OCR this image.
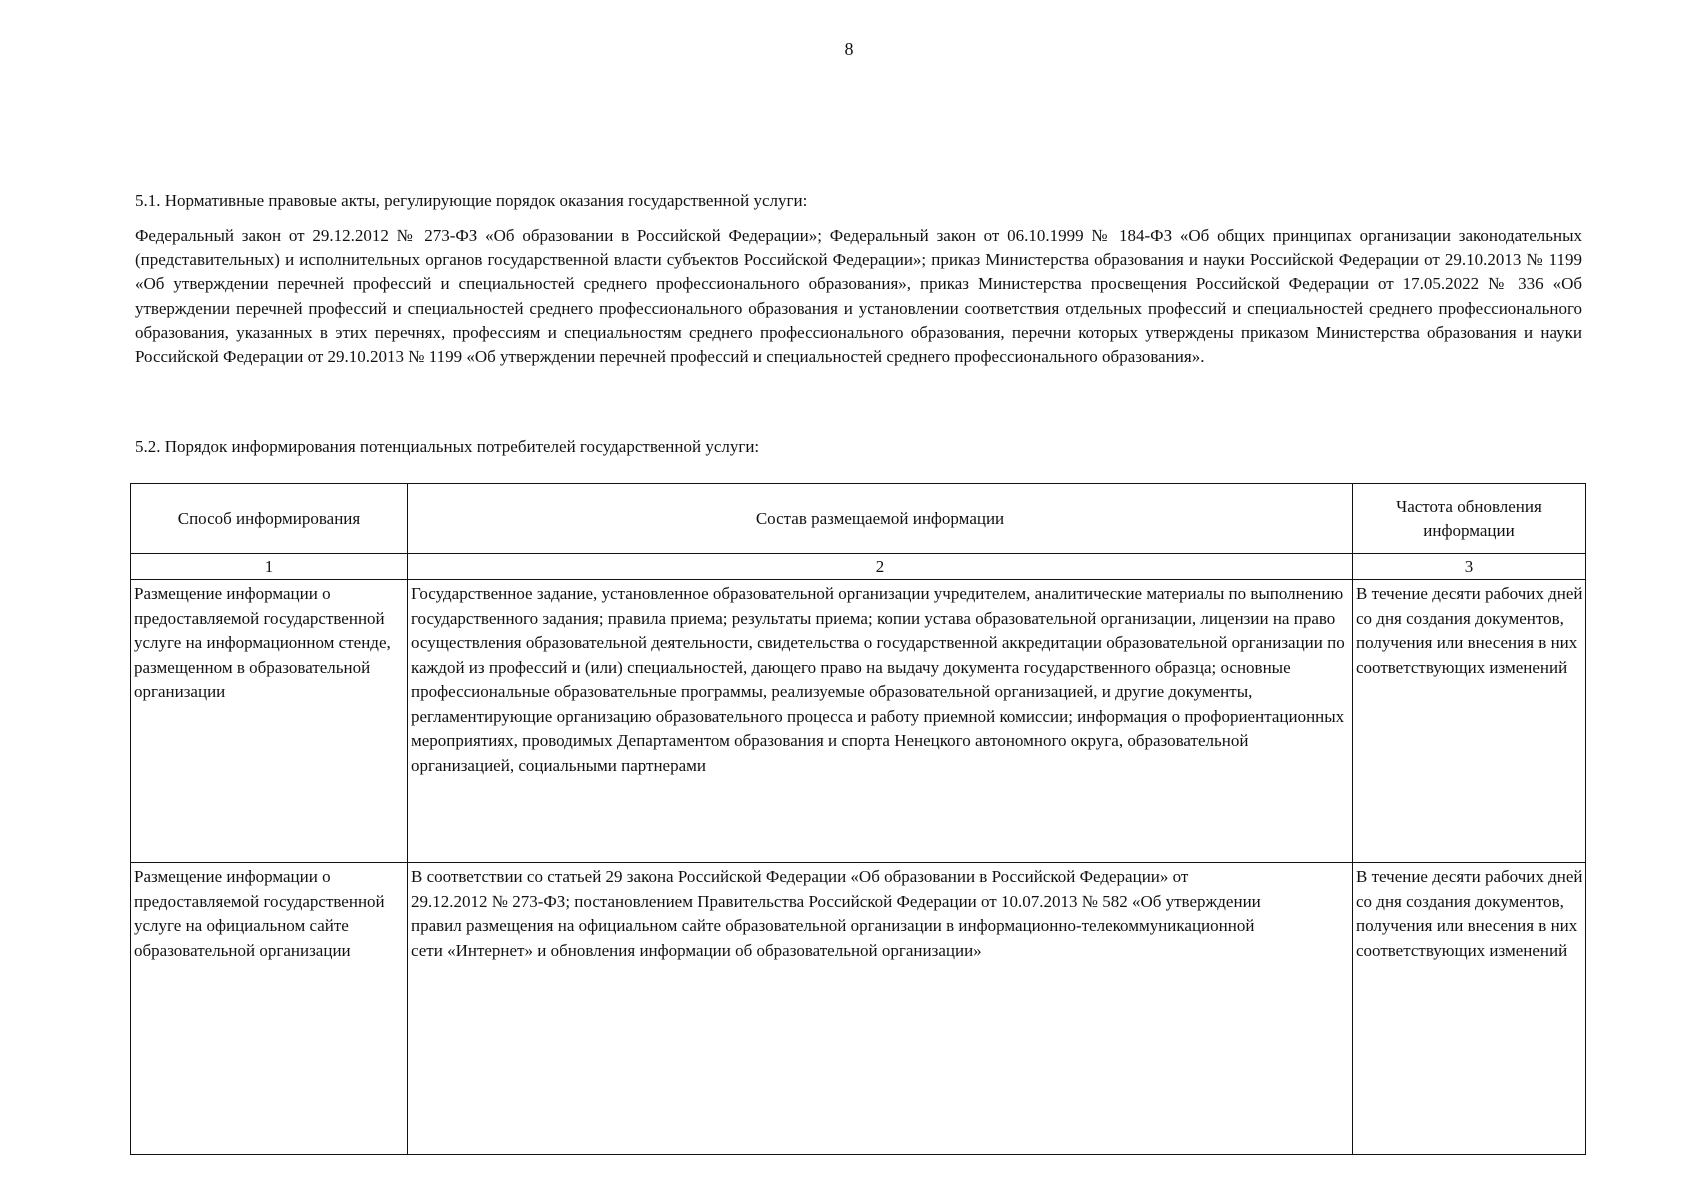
8
5.1. Нормативные правовые акты, регулирующие порядок оказания государственной услуги:

Федеральный закон от 29.12.2012 № 273-ФЗ «Об образовании в Российской Федерации»; Федеральный закон от 06.10.1999 № 184-ФЗ «Об общих принципах организации законодательных (представительных) и исполнительных органов государственной власти субъектов Российской Федерации»; приказ Министерства образования и науки Российской Федерации от 29.10.2013 № 1199 «Об утверждении перечней профессий и специальностей среднего профессионального образования», приказ Министерства просвещения Российской Федерации от 17.05.2022 № 336 «Об утверждении перечней профессий и специальностей среднего профессионального образования и установлении соответствия отдельных профессий и специальностей среднего профессионального образования, указанных в этих перечнях, профессиям и специальностям среднего профессионального образования, перечни которых утверждены приказом Министерства образования и науки Российской Федерации от 29.10.2013 № 1199 «Об утверждении перечней профессий и специальностей среднего профессионального образования».

5.2. Порядок информирования потенциальных потребителей государственной услуги:
Способ информирования	Состав размещаемой информации	Частота обновления информации
1	2	3
Размещение информации о предоставляемой государственной услуге на информационном стенде, размещенном в образовательной организации	Государственное задание, установленное образовательной организации учредителем, аналитические материалы по выполнению государственного задания; правила приема; результаты приема; копии устава образовательной организации, лицензии на право осуществления образовательной деятельности, свидетельства о государственной аккредитации образовательной организации по каждой из профессий и (или) специальностей, дающего право на выдачу документа государственного образца; основные профессиональные образовательные программы, реализуемые образовательной организацией, и другие документы, регламентирующие организацию образовательного процесса и работу приемной комиссии; информация о профориентационных мероприятиях, проводимых Департаментом образования и спорта Ненецкого автономного округа, образовательной организацией, социальными партнерами	В течение десяти рабочих дней со дня создания документов, получения или внесения в них соответствующих изменений
Размещение информации о предоставляемой государственной услуге на официальном сайте образовательной организации	В соответствии со статьей 29 закона Российской Федерации «Об образовании в Российской Федерации» от 29.12.2012 № 273-ФЗ; постановлением Правительства Российской Федерации от 10.07.2013 № 582 «Об утверждении правил размещения на официальном сайте образовательной организации в информационно-телекоммуникационной сети «Интернет» и обновления информации об образовательной организации»	В течение десяти рабочих дней со дня создания документов, получения или внесения в них соответствующих изменений
